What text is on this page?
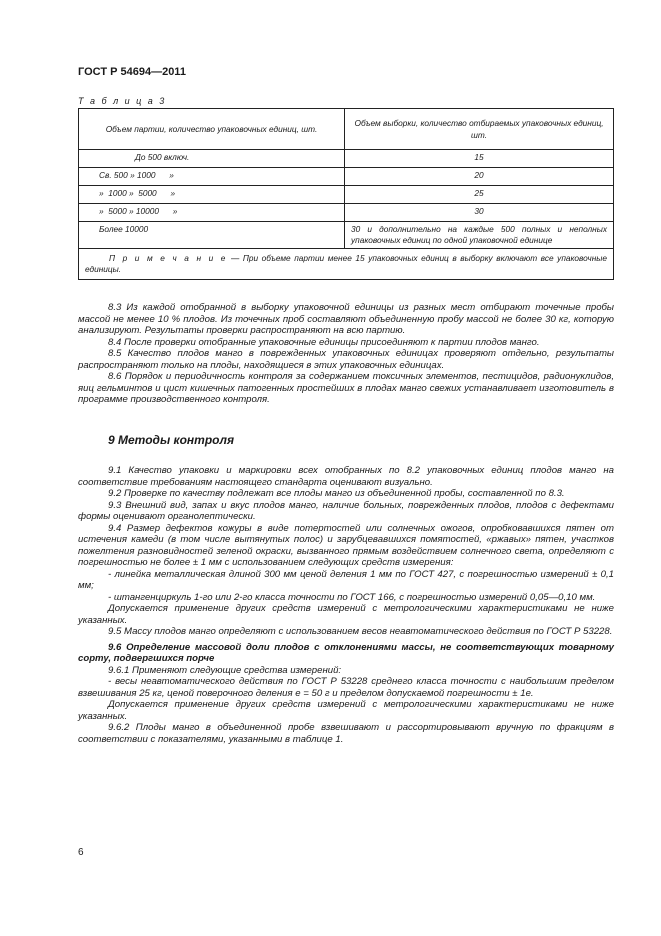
ГОСТ Р 54694—2011
Т а б л и ц а 3
Объем партии, количество упаковочных единиц, шт.	Объем выборки, количество отбираемых упаковочных единиц, шт.
До 500 включ.	15
Св. 500 » 1000      »	20
»  1000 »  5000      »	25
»  5000 » 10000      »	30
Более 10000	30 и дополнительно на каждые 500 полных и неполных упаковочных единиц по одной упаковочной единице
П р и м е ч а н и е — При объеме партии менее 15 упаковочных единиц в выборку включают все упаковочные единицы.	

8.3 Из каждой отобранной в выборку упаковочной единицы из разных мест отбирают точечные пробы массой не менее 10 % плодов. Из точечных проб составляют объединенную пробу массой не более 30 кг, которую анализируют. Результаты проверки распространяют на всю партию.

8.4 После проверки отобранные упаковочные единицы присоединяют к партии плодов манго.

8.5 Качество плодов манго в поврежденных упаковочных единицах проверяют отдельно, результаты распространяют только на плоды, находящиеся в этих упаковочных единицах.

8.6 Порядок и периодичность контроля за содержанием токсичных элементов, пестицидов, радионуклидов, яиц гельминтов и цист кишечных патогенных простейших в плодах манго свежих устанавливает изготовитель в программе производственного контроля.

9 Методы контроля

9.1 Качество упаковки и маркировки всех отобранных по 8.2 упаковочных единиц плодов манго на соответствие требованиям настоящего стандарта оценивают визуально.

9.2 Проверке по качеству подлежат все плоды манго из объединенной пробы, составленной по 8.3.

9.3 Внешний вид, запах и вкус плодов манго, наличие больных, поврежденных плодов, плодов с дефектами формы оценивают органолептически.

9.4 Размер дефектов кожуры в виде потертостей или солнечных ожогов, опробковавшихся пятен от истечения камеди (в том числе вытянутых полос) и зарубцевавшихся помятостей, «ржавых» пятен, участков пожелтения разновидностей зеленой окраски, вызванного прямым воздействием солнечного света, определяют с погрешностью не более ± 1 мм с использованием следующих средств измерения:

- линейка металлическая длиной 300 мм ценой деления 1 мм по ГОСТ 427, с погрешностью измерений ± 0,1 мм;

- штангенциркуль 1-го или 2-го класса точности по ГОСТ 166, с погрешностью измерений 0,05—0,10 мм.

Допускается применение других средств измерений с метрологическими характеристиками не ниже указанных.

9.5 Массу плодов манго определяют с использованием весов неавтоматического действия по ГОСТ Р 53228.

9.6 Определение массовой доли плодов с отклонениями массы, не соответствующих товарному сорту, подвергшихся порче

9.6.1 Применяют следующие средства измерений:

- весы неавтоматического действия по ГОСТ Р 53228 среднего класса точности с наибольшим пределом взвешивания 25 кг, ценой поверочного деления e = 50 г и пределом допускаемой погрешности ± 1e.

Допускается применение других средств измерений с метрологическими характеристиками не ниже указанных.

9.6.2 Плоды манго в объединенной пробе взвешивают и рассортировывают вручную по фракциям в соответствии с показателями, указанными в таблице 1.

6
